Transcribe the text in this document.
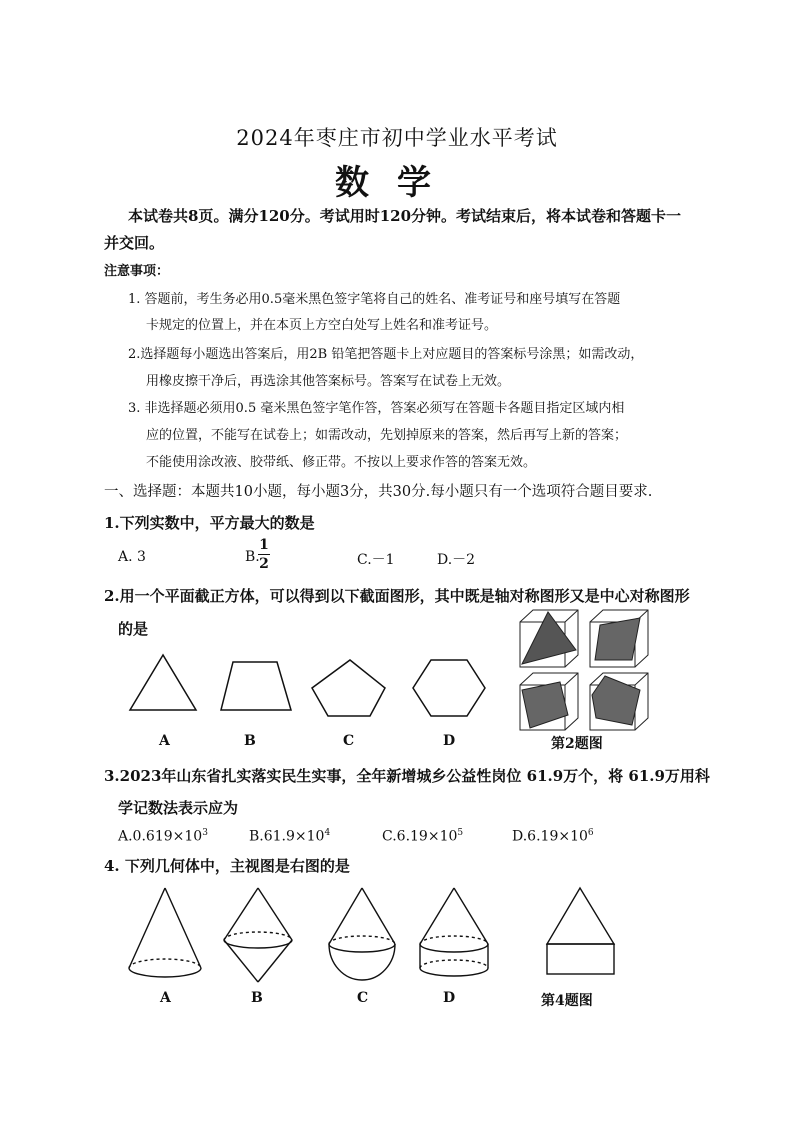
2024年枣庄市初中学业水平考试
数学
本试卷共8页。满分120分。考试用时120分钟。考试结束后，将本试卷和答题卡一
并交回。
注意事项：
1. 答题前，考生务必用0.5毫米黑色签字笔将自己的姓名、准考证号和座号填写在答题
卡规定的位置上，并在本页上方空白处写上姓名和准考证号。
2.选择题每小题选出答案后，用2B 铅笔把答题卡上对应题目的答案标号涂黑；如需改动，
用橡皮擦干净后，再选涂其他答案标号。答案写在试卷上无效。
3. 非选择题必须用0.5 毫米黑色签字笔作答，答案必须写在答题卡各题目指定区域内相
应的位置，不能写在试卷上；如需改动，先划掉原来的答案，然后再写上新的答案；
不能使用涂改液、胶带纸、修正带。不按以上要求作答的答案无效。
一、选择题：本题共10小题，每小题3分，共30分.每小题只有一个选项符合题目要求.
1.下列实数中，平方最大的数是
A. 3	B.
1
2	C.－1	D.－2
2.用一个平面截正方体，可以得到以下截面图形，其中既是轴对称图形又是中心对称图形
的是
A	B	C	D	第2题图
3.2023年山东省扎实落实民生实事，全年新增城乡公益性岗位 61.9万个，将 61.9万用科
学记数法表示应为
$A.0.619\times 10^3$	$B.61.9\times 10^4$	$C.6.19\times 10^5$	$D.6.19\times 10^6$
4. 下列几何体中，主视图是右图的是
A	B	C	D	第4题图
